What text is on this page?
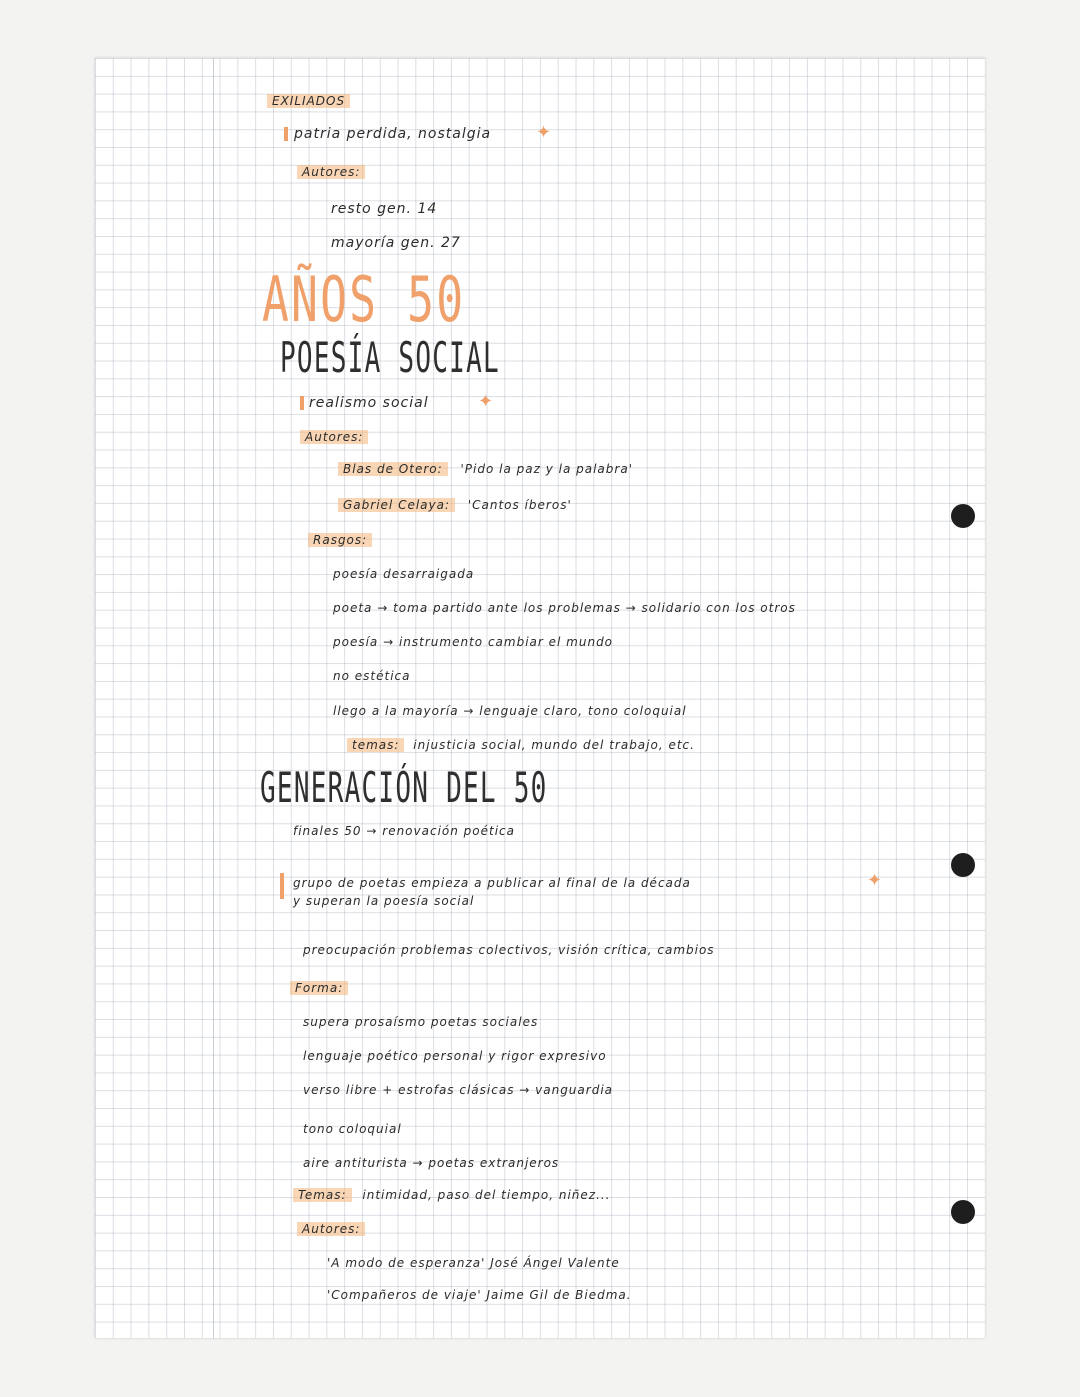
EXILIADOS
patria perdida, nostalgia ✦
Autores:
resto gen. 14
mayoría gen. 27
AÑOS 50
POESÍA SOCIAL
realismo social	✦
Autores:
Blas de Otero: 'Pido la paz y la palabra'
Gabriel Celaya: 'Cantos íberos'
Rasgos:
poesía desarraigada
poeta → toma partido ante los problemas → solidario con los otros
poesía → instrumento cambiar el mundo
no estética
llego a la mayoría → lenguaje claro, tono coloquial
temas: injusticia social, mundo del trabajo, etc.
GENERACIÓN DEL 50
finales 50 → renovación poética
grupo de poetas empieza a publicar al final de la década
y superan la poesía social
✦
preocupación problemas colectivos, visión crítica, cambios
Forma:
supera prosaísmo poetas sociales
lenguaje poético personal y rigor expresivo
verso libre + estrofas clásicas → vanguardia
tono coloquial
aire antiturista → poetas extranjeros
Temas: intimidad, paso del tiempo, niñez...
Autores:
'A modo de esperanza' José Ángel Valente
'Compañeros de viaje' Jaime Gil de Biedma.
